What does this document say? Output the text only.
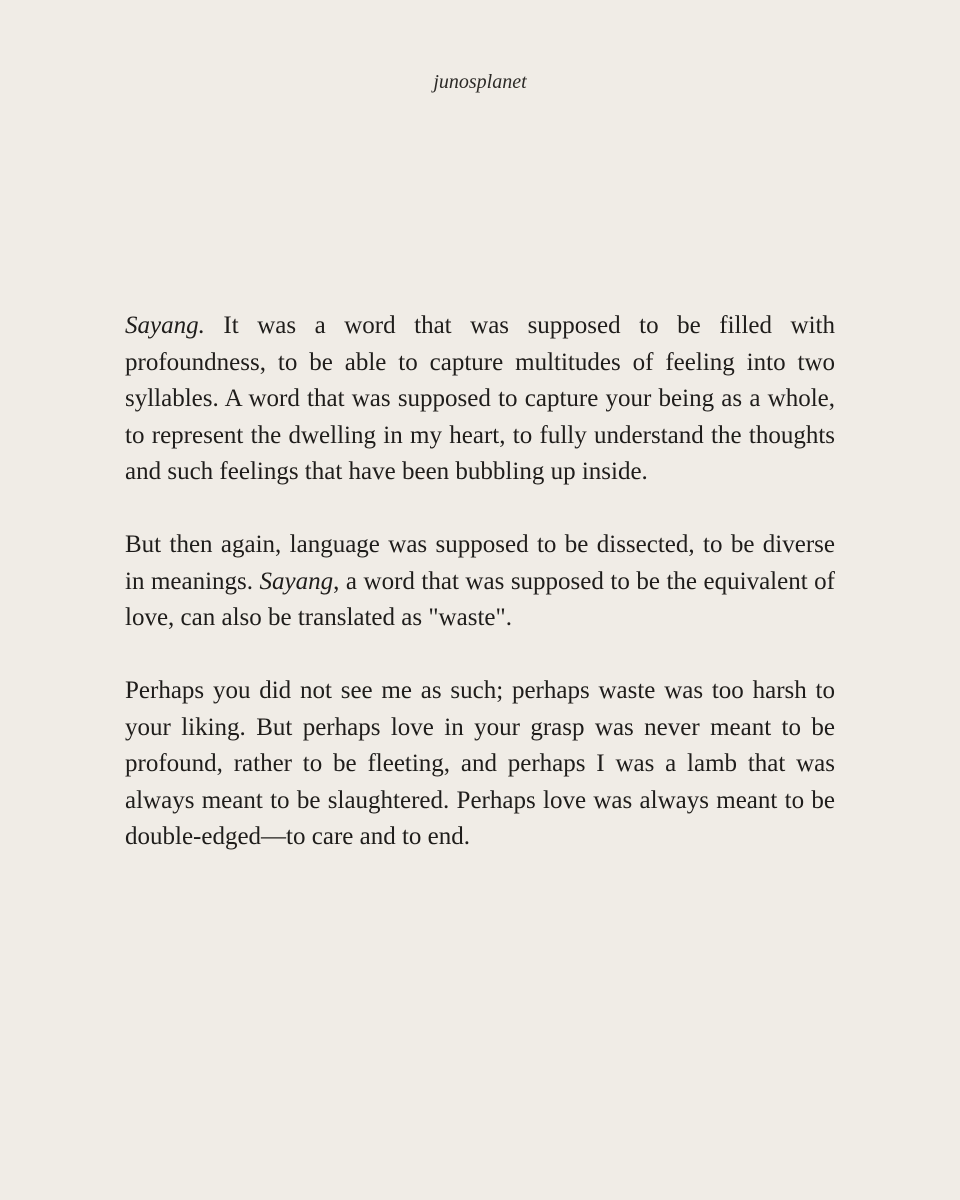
junosplanet

Sayang. It was a word that was supposed to be filled with profoundness, to be able to capture multitudes of feeling into two syllables. A word that was supposed to capture your being as a whole, to represent the dwelling in my heart, to fully understand the thoughts and such feelings that have been bubbling up inside.

But then again, language was supposed to be dissected, to be diverse in meanings. Sayang, a word that was supposed to be the equivalent of love, can also be translated as "waste".

Perhaps you did not see me as such; perhaps waste was too harsh to your liking. But perhaps love in your grasp was never meant to be profound, rather to be fleeting, and perhaps I was a lamb that was always meant to be slaughtered. Perhaps love was always meant to be double-edged—to care and to end.
